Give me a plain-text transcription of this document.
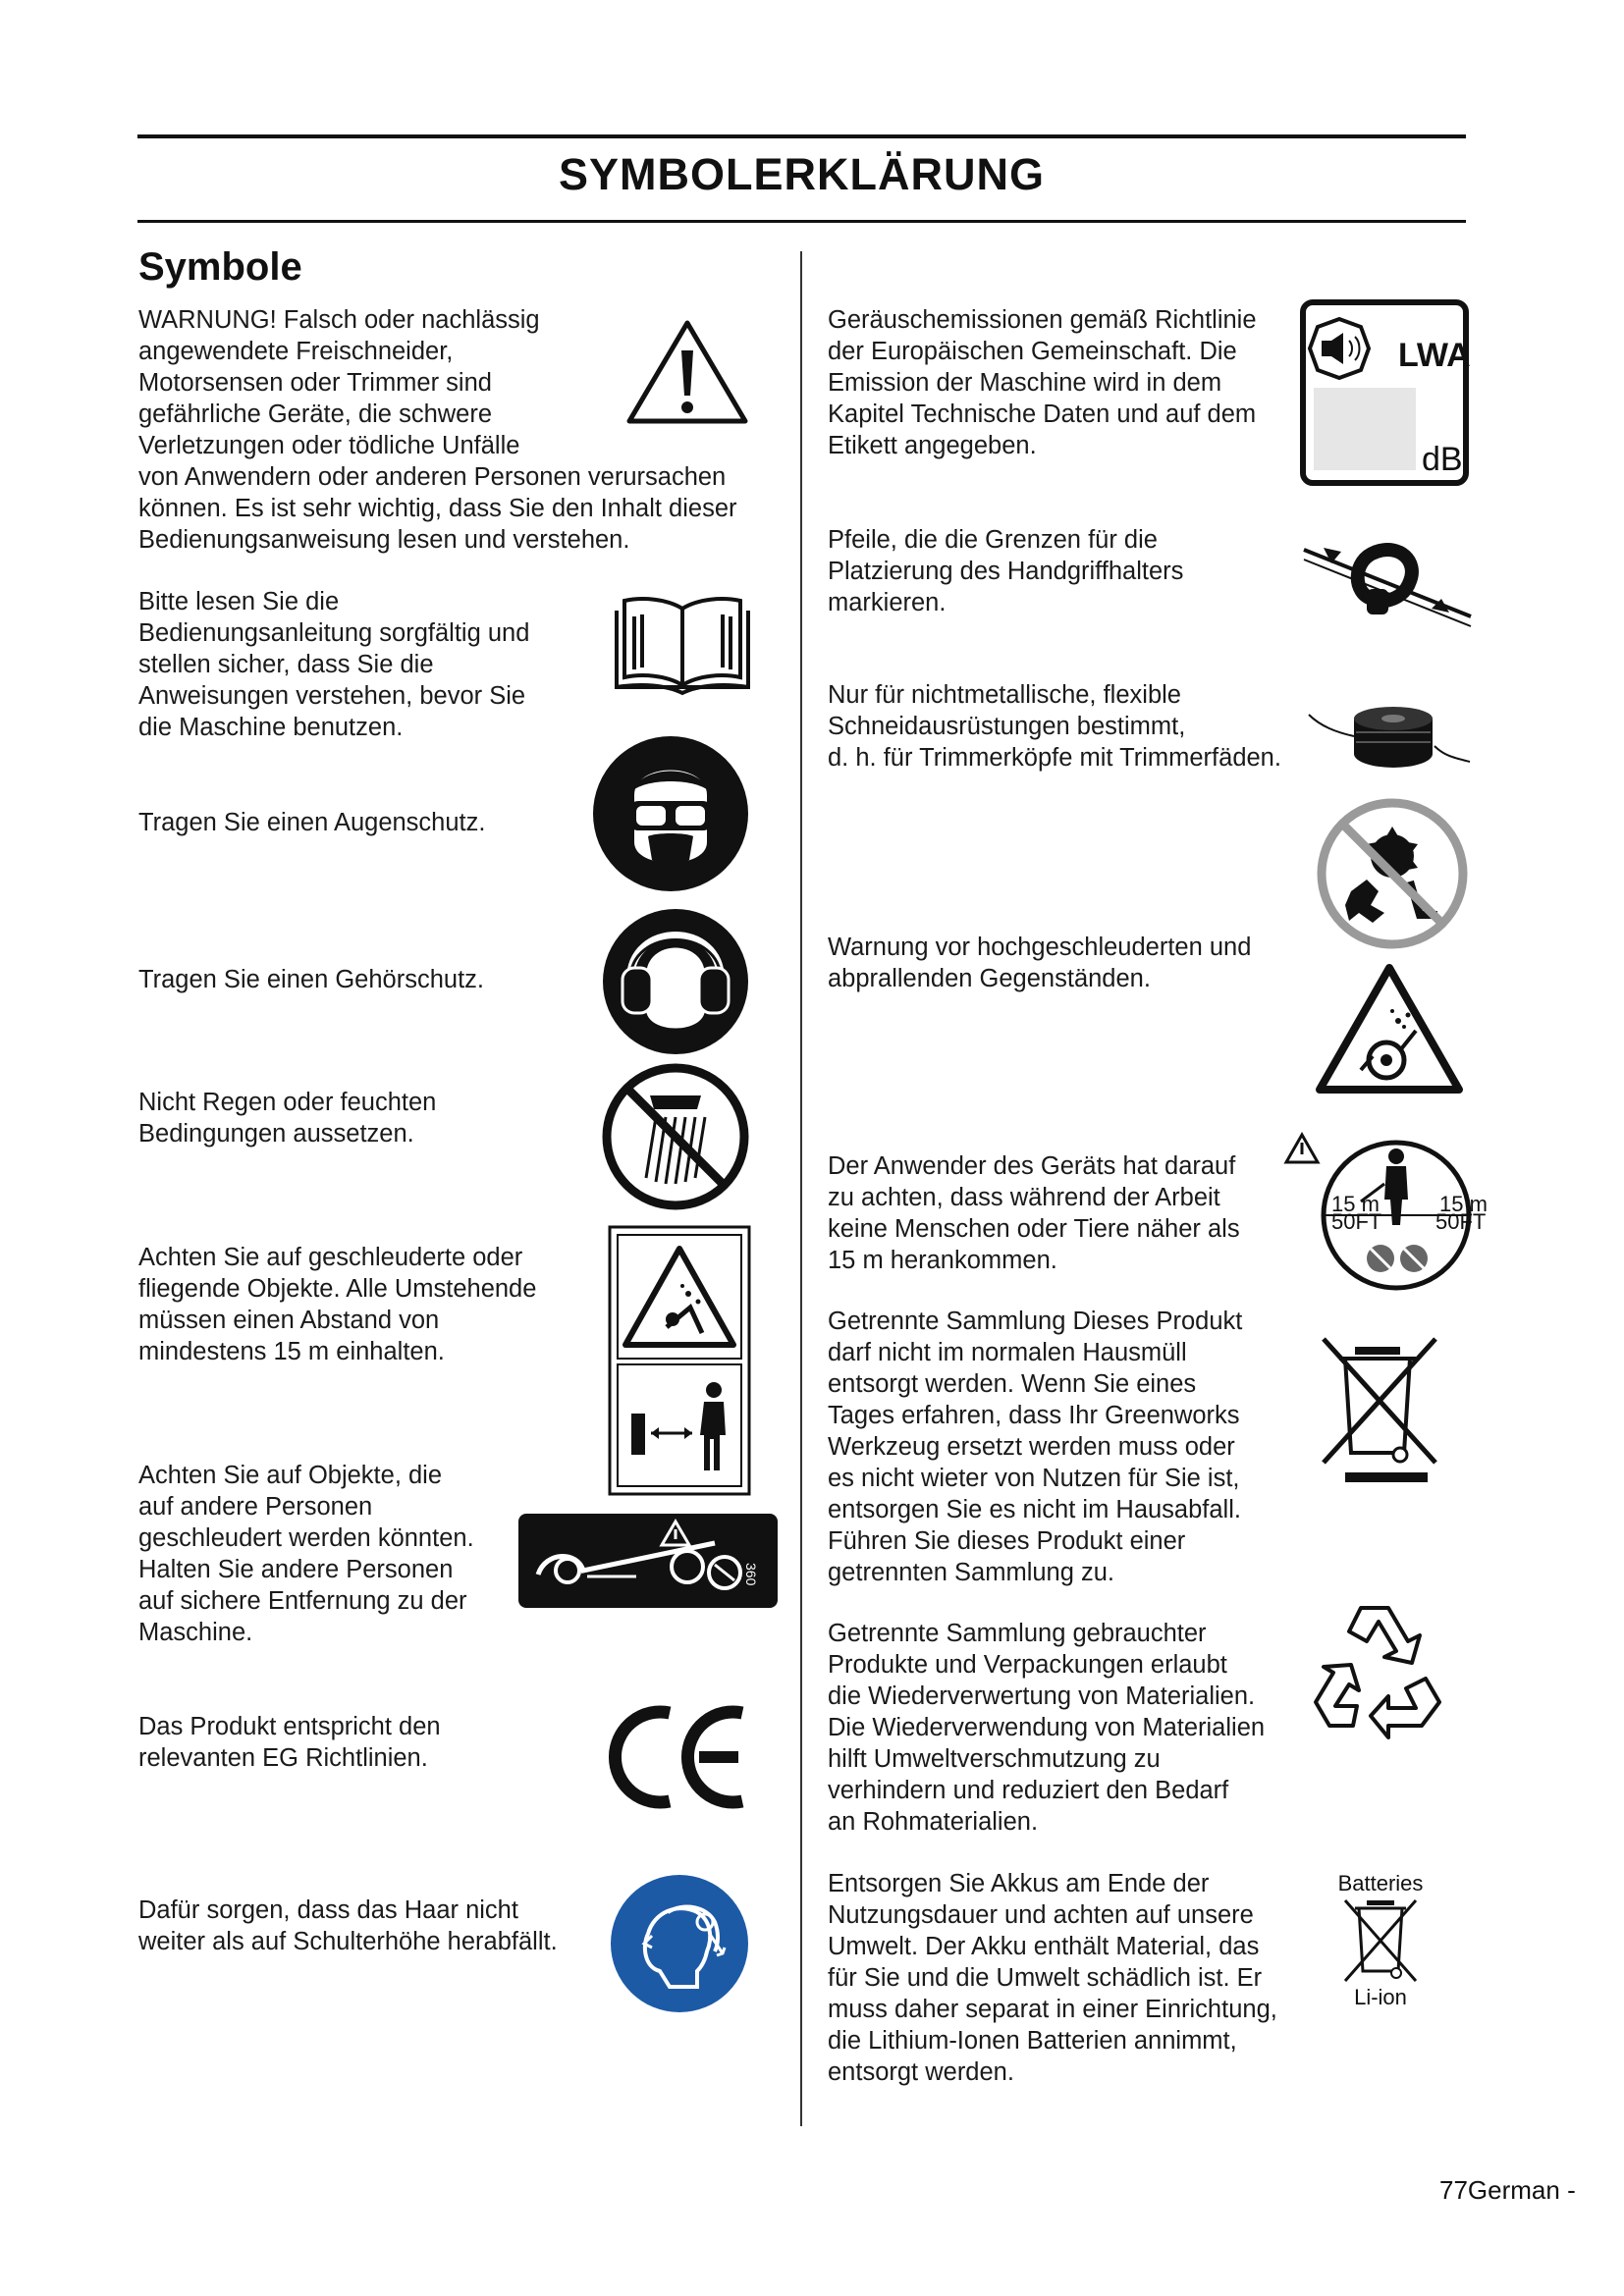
SYMBOLERKLÄRUNG
Symbole
WARNUNG! Falsch oder nachlässig
angewendete Freischneider,
Motorsensen oder Trimmer sind
gefährliche Geräte, die schwere
Verletzungen oder tödliche Unfälle
von Anwendern oder anderen Personen verursachen
können. Es ist sehr wichtig, dass Sie den Inhalt dieser
Bedienungsanweisung lesen und verstehen.
Bitte lesen Sie die
Bedienungsanleitung sorgfältig und
stellen sicher, dass Sie die
Anweisungen verstehen, bevor Sie
die Maschine benutzen.
Tragen Sie einen Augenschutz.
Tragen Sie einen Gehörschutz.
Nicht Regen oder feuchten
Bedingungen aussetzen.
Achten Sie auf geschleuderte oder
fliegende Objekte. Alle Umstehende
müssen einen Abstand von
mindestens 15 m einhalten.
Achten Sie auf Objekte, die
auf andere Personen
geschleudert werden könnten.
Halten Sie andere Personen
auf sichere Entfernung zu der
Maschine.
Das Produkt entspricht den
relevanten EG Richtlinien.
Dafür sorgen, dass das Haar nicht
weiter als auf Schulterhöhe herabfällt.
Geräuschemissionen gemäß Richtlinie
der Europäischen Gemeinschaft. Die
Emission der Maschine wird in dem
Kapitel Technische Daten und auf dem
Etikett angegeben.
Pfeile, die die Grenzen für die
Platzierung des Handgriffhalters
markieren.
Nur für nichtmetallische, flexible
Schneidausrüstungen bestimmt,
d. h. für Trimmerköpfe mit Trimmerfäden.
Warnung vor hochgeschleuderten und
abprallenden Gegenständen.
Der Anwender des Geräts hat darauf
zu achten, dass während der Arbeit
keine Menschen oder Tiere näher als
15 m herankommen.
Getrennte Sammlung Dieses Produkt
darf nicht im normalen Hausmüll
entsorgt werden. Wenn Sie eines
Tages erfahren, dass Ihr Greenworks
Werkzeug ersetzt werden muss oder
es nicht wieter von Nutzen für Sie ist,
entsorgen Sie es nicht im Hausabfall.
Führen Sie dieses Produkt einer
getrennten Sammlung zu.
Getrennte Sammlung gebrauchter
Produkte und Verpackungen erlaubt
die Wiederverwertung von Materialien.
Die Wiederverwendung von Materialien
hilft Umweltverschmutzung zu
verhindern und reduziert den Bedarf
an Rohmaterialien.
Entsorgen Sie Akkus am Ende der
Nutzungsdauer und achten auf unsere
Umwelt. Der Akku enthält Material, das
für Sie und die Umwelt schädlich ist. Er
muss daher separat in einer Einrichtung,
die Lithium-Ionen Batterien annimmt,
entsorgt werden.
360
LWA
dB
15 m	15 m
50FT 50FT
Batteries
Li-ion
77German -
